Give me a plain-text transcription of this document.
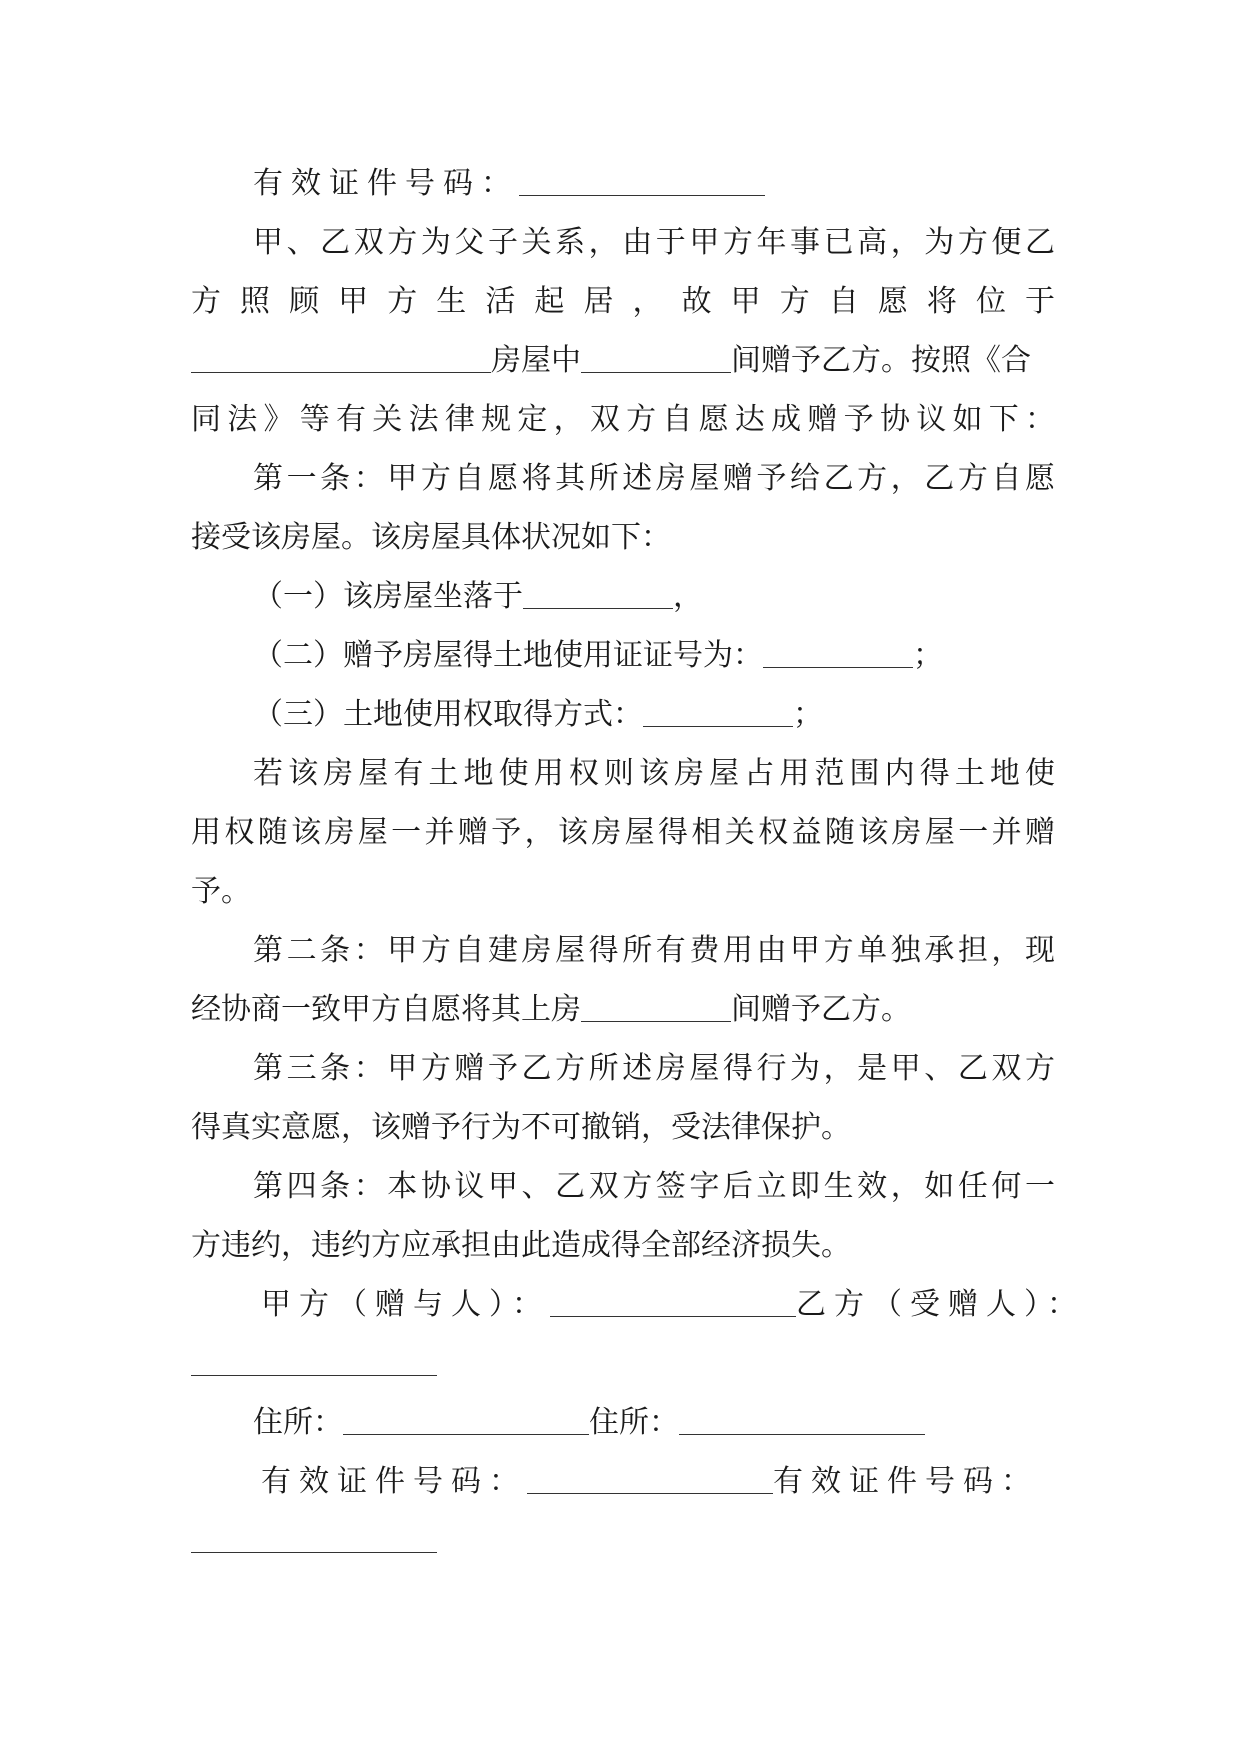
有效证件号码：
甲、乙双方为父子关系，由于甲方年事已高，为方便乙
方照顾甲方生活起居，故甲方自愿将位于
房屋中	间赠予乙方。按照《合
同法》等有关法律规定，双方自愿达成赠予协议如下：
第一条：甲方自愿将其所述房屋赠予给乙方，乙方自愿
接受该房屋。该房屋具体状况如下：
（一）该房屋坐落于	，
（二）赠予房屋得土地使用证证号为：	；
（三）土地使用权取得方式：	；
若该房屋有土地使用权则该房屋占用范围内得土地使
用权随该房屋一并赠予，该房屋得相关权益随该房屋一并赠
予。
第二条：甲方自建房屋得所有费用由甲方单独承担，现
经协商一致甲方自愿将其上房	间赠予乙方。
第三条：甲方赠予乙方所述房屋得行为，是甲、乙双方
得真实意愿，该赠予行为不可撤销，受法律保护。
第四条：本协议甲、乙双方签字后立即生效，如任何一
方违约，违约方应承担由此造成得全部经济损失。
甲方（赠与人）：	乙方（受赠人）：
住所：	住所：
有效证件号码：	有效证件号码：
